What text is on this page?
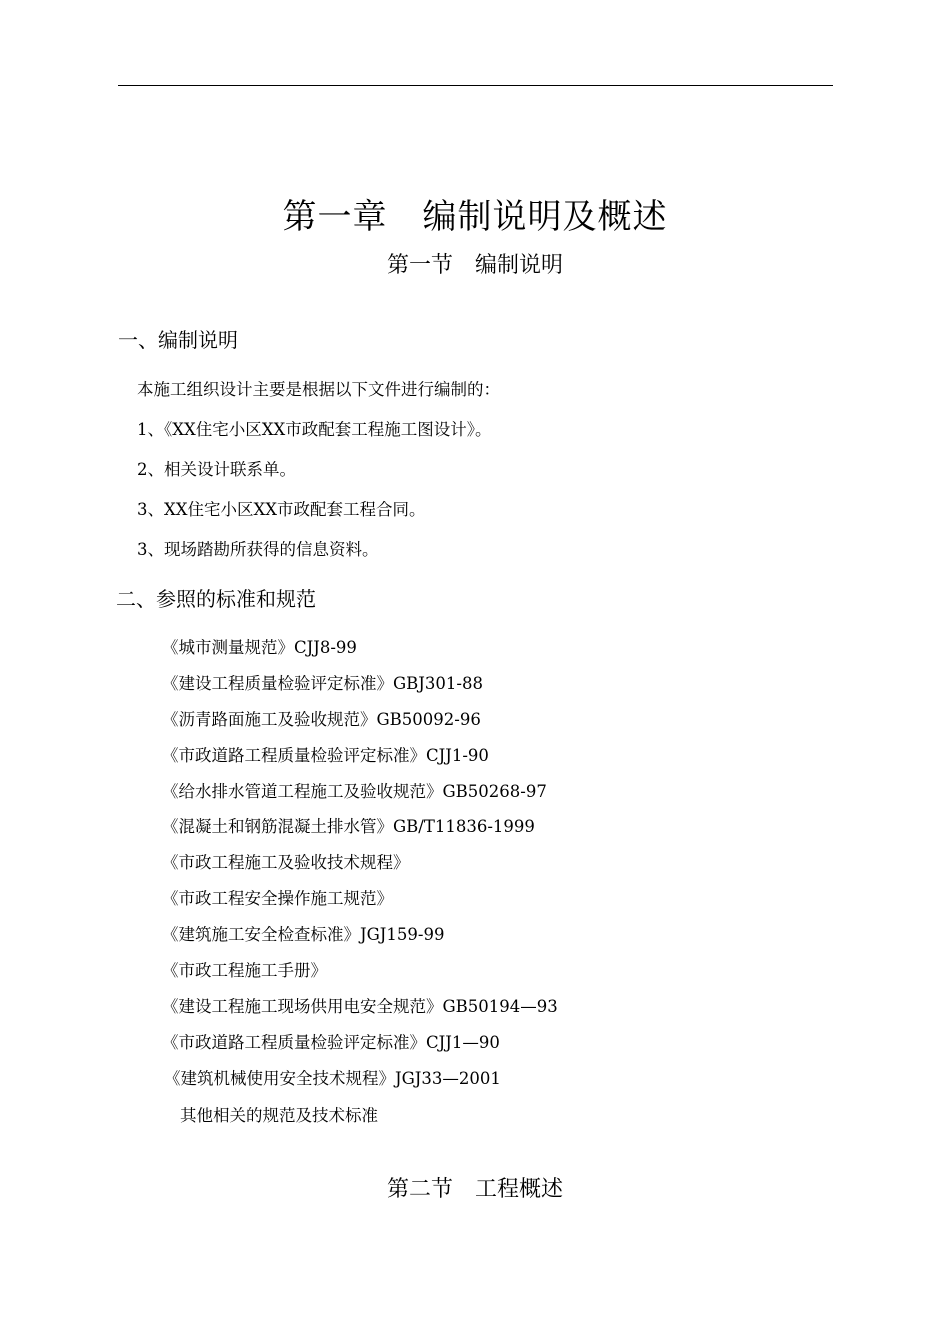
第一章　编制说明及概述
第一节　编制说明
一、编制说明
本施工组织设计主要是根据以下文件进行编制的：
1、《XX住宅小区XX市政配套工程施工图设计》。
2、相关设计联系单。
3、XX住宅小区XX市政配套工程合同。
3、现场踏勘所获得的信息资料。
二、参照的标准和规范
《城市测量规范》CJJ8-99
《建设工程质量检验评定标准》GBJ301-88
《沥青路面施工及验收规范》GB50092-96
《市政道路工程质量检验评定标准》CJJ1-90
《给水排水管道工程施工及验收规范》GB50268-97
《混凝土和钢筋混凝土排水管》GB/T11836-1999
《市政工程施工及验收技术规程》
《市政工程安全操作施工规范》
《建筑施工安全检查标准》JGJ159-99
《市政工程施工手册》
《建设工程施工现场供用电安全规范》GB50194—93
《市政道路工程质量检验评定标准》CJJ1—90
《建筑机械使用安全技术规程》JGJ33—2001
其他相关的规范及技术标准
第二节　工程概述
